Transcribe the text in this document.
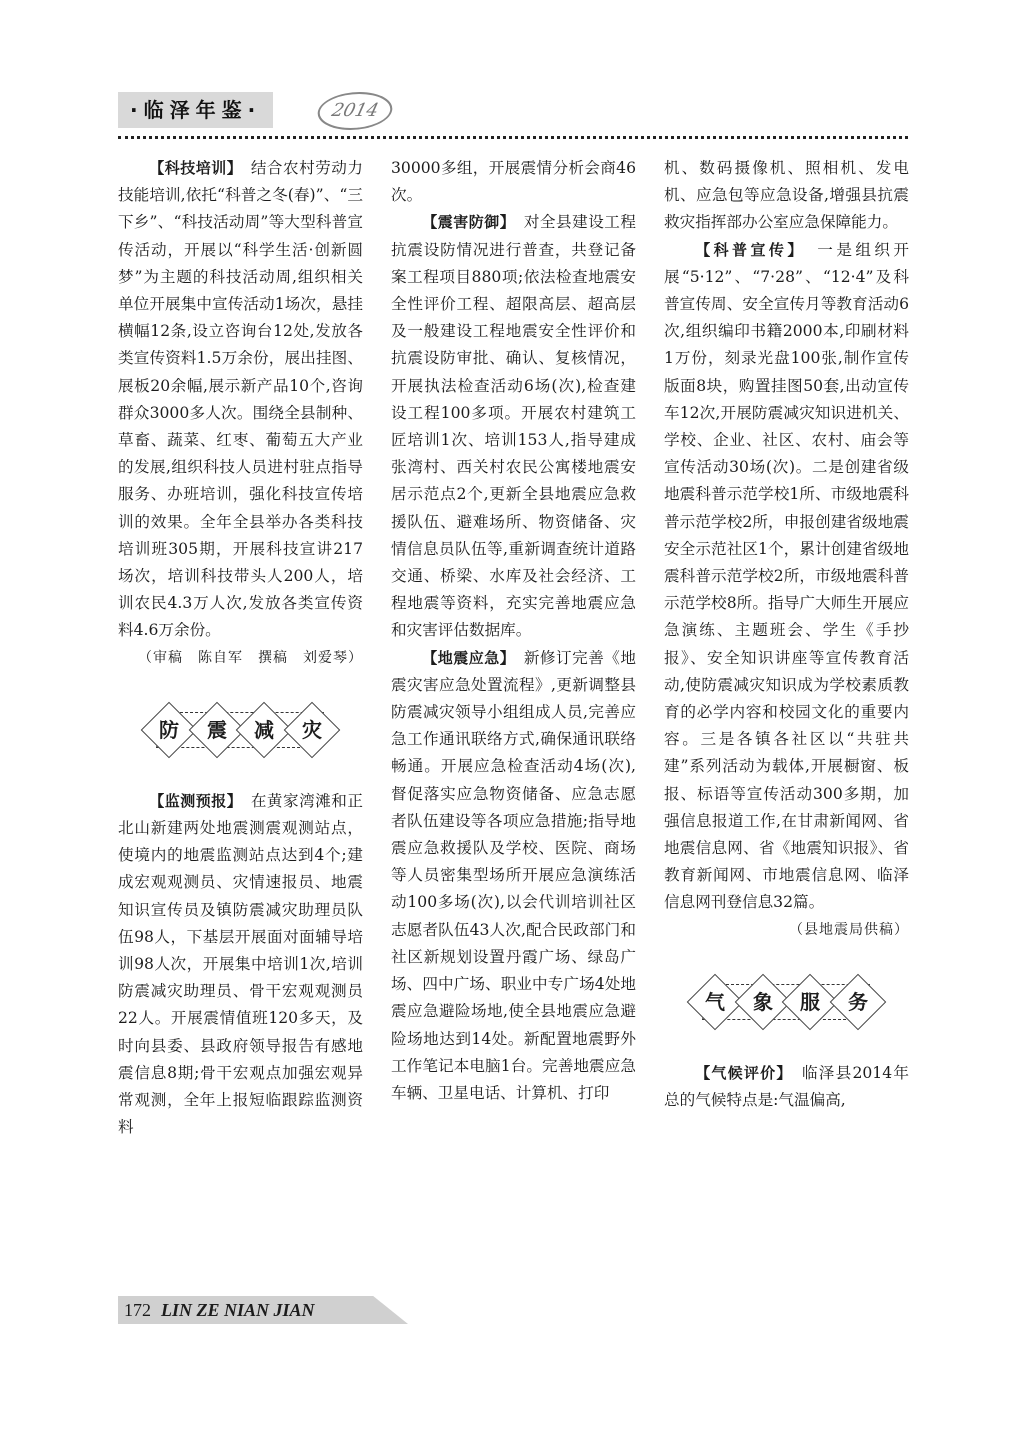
·临泽年鉴·	2014

【科技培训】　 结合农村劳动力技能培训,依托“科普之冬(春)”、“三下乡”、“科技活动周”等大型科普宣传活动，开展以“科学生活·创新圆梦”为主题的科技活动周,组织相关单位开展集中宣传活动1场次，悬挂横幅12条,设立咨询台12处,发放各类宣传资料1.5万余份，展出挂图、展板20余幅,展示新产品10个,咨询群众3000多人次。围绕全县制种、草畜、蔬菜、红枣、葡萄五大产业的发展,组织科技人员进村驻点指导服务、办班培训，强化科技宣传培训的效果。全年全县举办各类科技培训班305期，开展科技宣讲217场次，培训科技带头人200人，培训农民4.3万人次,发放各类宣传资料4.6万余份。

（审稿　陈自军　撰稿　刘爱琴）

防	震	减	灾

【监测预报】　 在黄家湾滩和正北山新建两处地震测震观测站点，使境内的地震监测站点达到4个;建成宏观观测员、灾情速报员、地震知识宣传员及镇防震减灾助理员队伍98人，下基层开展面对面辅导培训98人次，开展集中培训1次,培训防震减灾助理员、骨干宏观观测员22人。开展震情值班120多天，及时向县委、县政府领导报告有感地震信息8期;骨干宏观点加强宏观异常观测，全年上报短临跟踪监测资料

30000多组，开展震情分析会商46次。

【震害防御】　 对全县建设工程抗震设防情况进行普查，共登记备案工程项目880项;依法检查地震安全性评价工程、超限高层、超高层及一般建设工程地震安全性评价和抗震设防审批、确认、复核情况，开展执法检查活动6场(次),检查建设工程100多项。开展农村建筑工匠培训1次、培训153人,指导建成张湾村、西关村农民公寓楼地震安居示范点2个,更新全县地震应急救援队伍、避难场所、物资储备、灾情信息员队伍等,重新调查统计道路交通、桥梁、水库及社会经济、工程地震等资料，充实完善地震应急和灾害评估数据库。

【地震应急】　 新修订完善《地震灾害应急处置流程》,更新调整县防震减灾领导小组组成人员,完善应急工作通讯联络方式,确保通讯联络畅通。开展应急检查活动4场(次),督促落实应急物资储备、应急志愿者队伍建设等各项应急措施;指导地震应急救援队及学校、医院、商场等人员密集型场所开展应急演练活动100多场(次),以会代训培训社区志愿者队伍43人次,配合民政部门和社区新规划设置丹霞广场、绿岛广场、四中广场、职业中专广场4处地震应急避险场地,使全县地震应急避险场地达到14处。新配置地震野外工作笔记本电脑1台。完善地震应急车辆、卫星电话、计算机、打印

机、数码摄像机、照相机、发电机、应急包等应急设备,增强县抗震救灾指挥部办公室应急保障能力。

【科普宣传】　 一是组织开展“5·12”、“7·28”、“12·4”及科普宣传周、安全宣传月等教育活动6次,组织编印书籍2000本,印刷材料1万份，刻录光盘100张,制作宣传版面8块，购置挂图50套,出动宣传车12次,开展防震减灾知识进机关、学校、企业、社区、农村、庙会等宣传活动30场(次)。二是创建省级地震科普示范学校1所、市级地震科普示范学校2所，申报创建省级地震安全示范社区1个，累计创建省级地震科普示范学校2所，市级地震科普示范学校8所。指导广大师生开展应急演练、主题班会、学生《手抄报》、安全知识讲座等宣传教育活动,使防震减灾知识成为学校素质教育的必学内容和校园文化的重要内容。三是各镇各社区以“共驻共建”系列活动为载体,开展橱窗、板报、标语等宣传活动300多期，加强信息报道工作,在甘肃新闻网、省地震信息网、省《地震知识报》、省教育新闻网、市地震信息网、临泽信息网刊登信息32篇。

（县地震局供稿）

气	象	服	务

【气候评价】　 临泽县2014年总的气候特点是:气温偏高,

172 LIN ZE NIAN JIAN
